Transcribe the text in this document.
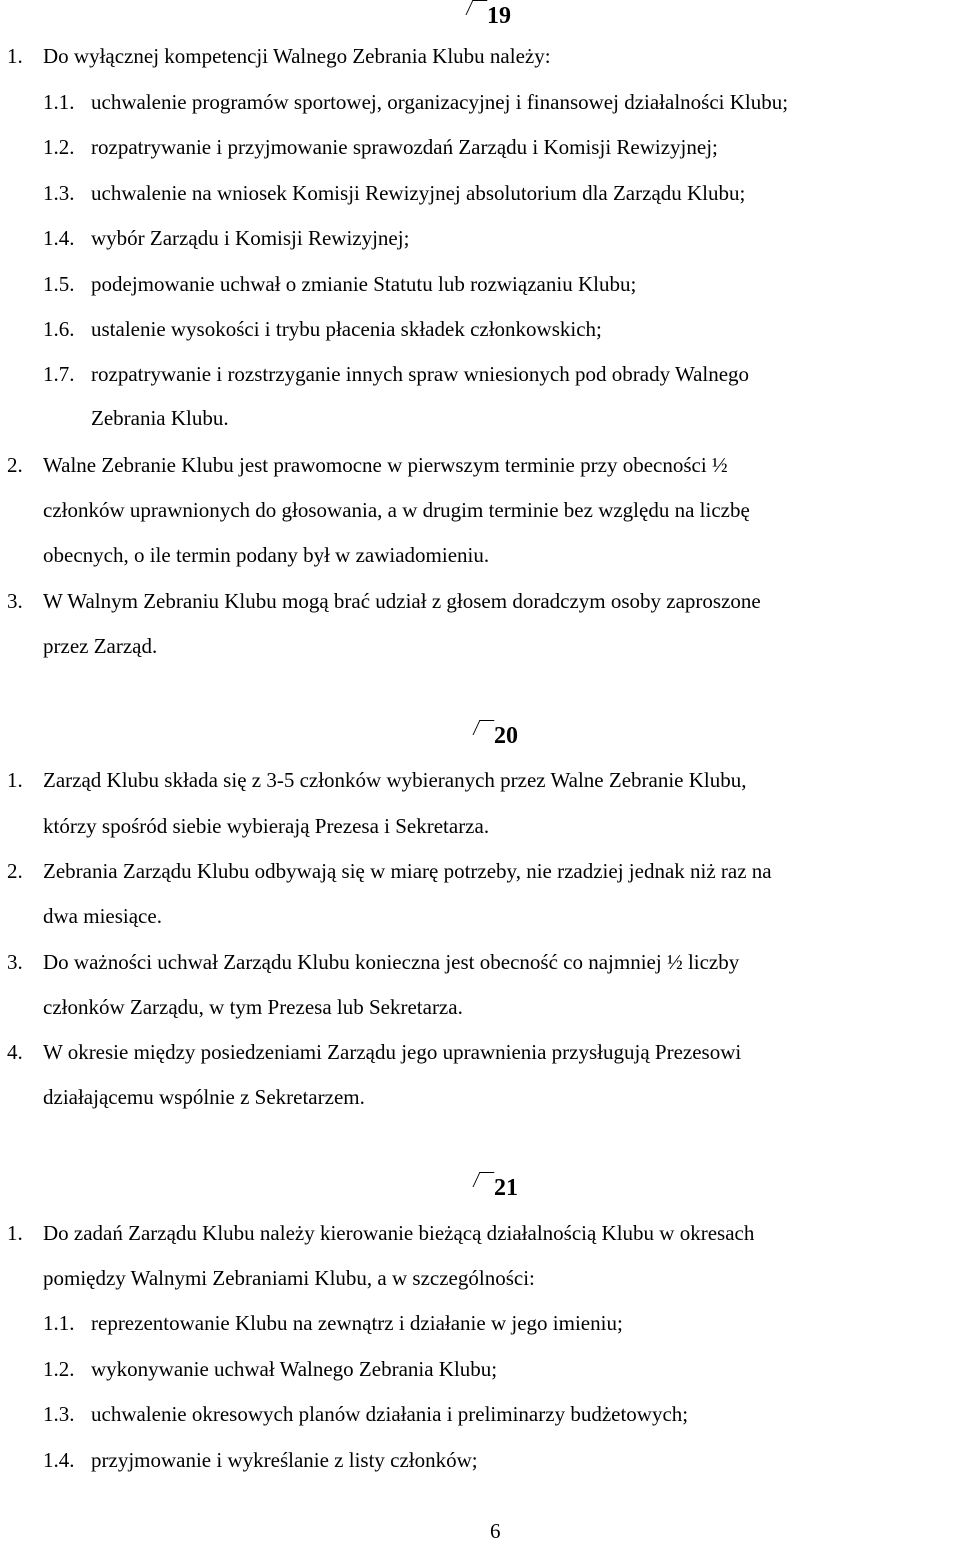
19
1. Do wyłącznej kompetencji Walnego Zebrania Klubu należy:
1.1. uchwalenie programów sportowej, organizacyjnej i finansowej działalności Klubu;
1.2. rozpatrywanie i przyjmowanie sprawozdań Zarządu i Komisji Rewizyjnej;
1.3. uchwalenie na wniosek Komisji Rewizyjnej absolutorium dla Zarządu Klubu;
1.4. wybór Zarządu i Komisji Rewizyjnej;
1.5. podejmowanie uchwał o zmianie Statutu lub rozwiązaniu Klubu;
1.6. ustalenie wysokości i trybu płacenia składek członkowskich;
1.7. rozpatrywanie i rozstrzyganie innych spraw wniesionych pod obrady Walnego
Zebrania Klubu.
2. Walne Zebranie Klubu jest prawomocne w pierwszym terminie przy obecności ½
członków uprawnionych do głosowania, a w drugim terminie bez względu na liczbę
obecnych, o ile termin podany był w zawiadomieniu.
3. W Walnym Zebraniu Klubu mogą brać udział z głosem doradczym osoby zaproszone
przez Zarząd.
20
1. Zarząd Klubu składa się z 3-5 członków wybieranych przez Walne Zebranie Klubu,
którzy spośród siebie wybierają Prezesa i Sekretarza.
2. Zebrania Zarządu Klubu odbywają się w miarę potrzeby, nie rzadziej jednak niż raz na
dwa miesiące.
3. Do ważności uchwał Zarządu Klubu konieczna jest obecność co najmniej ½ liczby
członków Zarządu, w tym Prezesa lub Sekretarza.
4. W okresie między posiedzeniami Zarządu jego uprawnienia przysługują Prezesowi
działającemu wspólnie z Sekretarzem.
21
1. Do zadań Zarządu Klubu należy kierowanie bieżącą działalnością Klubu w okresach
pomiędzy Walnymi Zebraniami Klubu, a w szczególności:
1.1. reprezentowanie Klubu na zewnątrz i działanie w jego imieniu;
1.2. wykonywanie uchwał Walnego Zebrania Klubu;
1.3. uchwalenie okresowych planów działania i preliminarzy budżetowych;
1.4. przyjmowanie i wykreślanie z listy członków;
6
